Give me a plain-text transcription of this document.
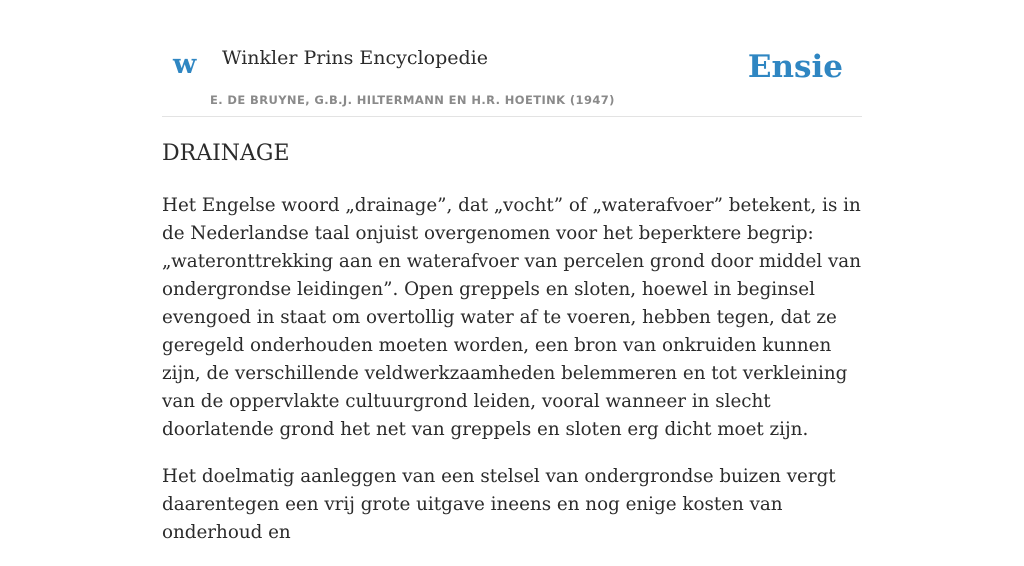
w Winkler Prins Encyclopedie
E. DE BRUYNE, G.B.J. HILTERMANN EN H.R. HOETINK (1947)
Ensie
DRAINAGE

Het Engelse woord „drainage”, dat „vocht” of „waterafvoer” betekent, is in de Nederlandse taal onjuist overgenomen voor het beperktere begrip: „wateronttrekking aan en waterafvoer van percelen grond door middel van ondergrondse leidingen”. Open greppels en sloten, hoewel in beginsel evengoed in staat om overtollig water af te voeren, hebben tegen, dat ze geregeld onderhouden moeten worden, een bron van onkruiden kunnen zijn, de verschillende veldwerkzaamheden belemmeren en tot verkleining van de oppervlakte cultuurgrond leiden, vooral wanneer in slecht doorlatende grond het net van greppels en sloten erg dicht moet zijn.

Het doelmatig aanleggen van een stelsel van ondergrondse buizen vergt daarentegen een vrij grote uitgave ineens en nog enige kosten van onderhoud en
